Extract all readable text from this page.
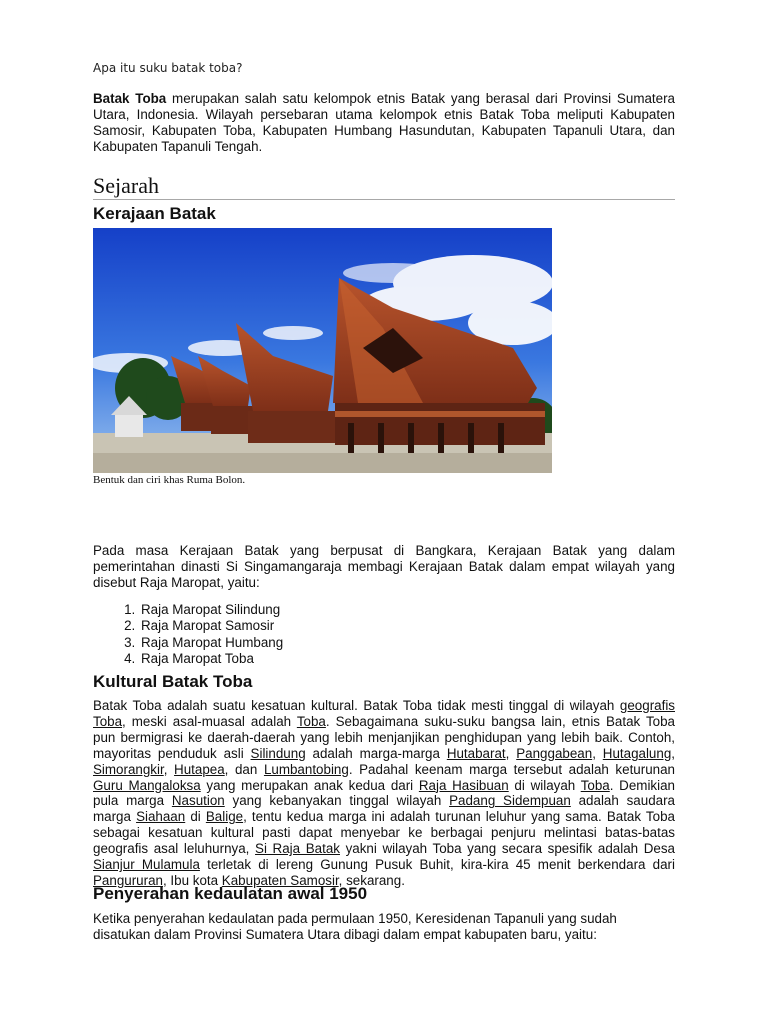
Apa itu suku batak toba?

Batak Toba merupakan salah satu kelompok etnis Batak yang berasal dari Provinsi Sumatera Utara, Indonesia. Wilayah persebaran utama kelompok etnis Batak Toba meliputi Kabupaten Samosir, Kabupaten Toba, Kabupaten Humbang Hasundutan, Kabupaten Tapanuli Utara, dan Kabupaten Tapanuli Tengah.

Sejarah
Kerajaan Batak
Bentuk dan ciri khas Ruma Bolon.

Pada masa Kerajaan Batak yang berpusat di Bangkara, Kerajaan Batak yang dalam pemerintahan dinasti Si Singamangaraja membagi Kerajaan Batak dalam empat wilayah yang disebut Raja Maropat, yaitu:

1. Raja Maropat Silindung
2. Raja Maropat Samosir
3. Raja Maropat Humbang
4. Raja Maropat Toba
Kultural Batak Toba

Batak Toba adalah suatu kesatuan kultural. Batak Toba tidak mesti tinggal di wilayah geografis Toba, meski asal-muasal adalah Toba. Sebagaimana suku-suku bangsa lain, etnis Batak Toba pun bermigrasi ke daerah-daerah yang lebih menjanjikan penghidupan yang lebih baik. Contoh, mayoritas penduduk asli Silindung adalah marga-marga Hutabarat, Panggabean, Hutagalung, Simorangkir, Hutapea, dan Lumbantobing. Padahal keenam marga tersebut adalah keturunan Guru Mangaloksa yang merupakan anak kedua dari Raja Hasibuan di wilayah Toba. Demikian pula marga Nasution yang kebanyakan tinggal wilayah Padang Sidempuan adalah saudara marga Siahaan di Balige, tentu kedua marga ini adalah turunan leluhur yang sama. Batak Toba sebagai kesatuan kultural pasti dapat menyebar ke berbagai penjuru melintasi batas-batas geografis asal leluhurnya, Si Raja Batak yakni wilayah Toba yang secara spesifik adalah Desa Sianjur Mulamula terletak di lereng Gunung Pusuk Buhit, kira-kira 45 menit berkendara dari Pangururan, Ibu kota Kabupaten Samosir, sekarang.

Penyerahan kedaulatan awal 1950

Ketika penyerahan kedaulatan pada permulaan 1950, Keresidenan Tapanuli yang sudah disatukan dalam Provinsi Sumatera Utara dibagi dalam empat kabupaten baru, yaitu:
